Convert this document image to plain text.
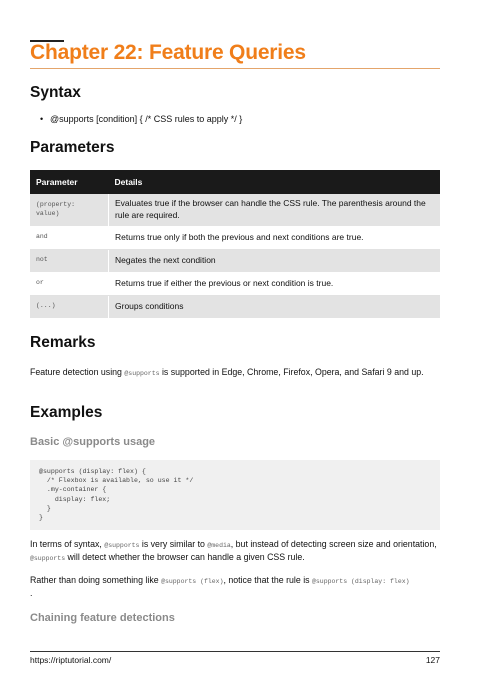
Chapter 22: Feature Queries
Syntax
• @supports [condition] { /* CSS rules to apply */ }
Parameters
Parameter	Details
(property: value)	Evaluates true if the browser can handle the CSS rule. The parenthesis around the rule are required.
and	Returns true only if both the previous and next conditions are true.
not	Negates the next condition
or	Returns true if either the previous or next condition is true.
(...)	Groups conditions
Remarks

Feature detection using @supports is supported in Edge, Chrome, Firefox, Opera, and Safari 9 and up.

Examples
Basic @supports usage
@supports (display: flex) {
/* Flexbox is available, so use it */
.my-container {
display: flex;
}
}

In terms of syntax, @supports is very similar to @media, but instead of detecting screen size and orientation, @supports will detect whether the browser can handle a given CSS rule.

Rather than doing something like @supports (flex), notice that the rule is @supports (display: flex)
.

Chaining feature detections
https://riptutorial.com/	127
